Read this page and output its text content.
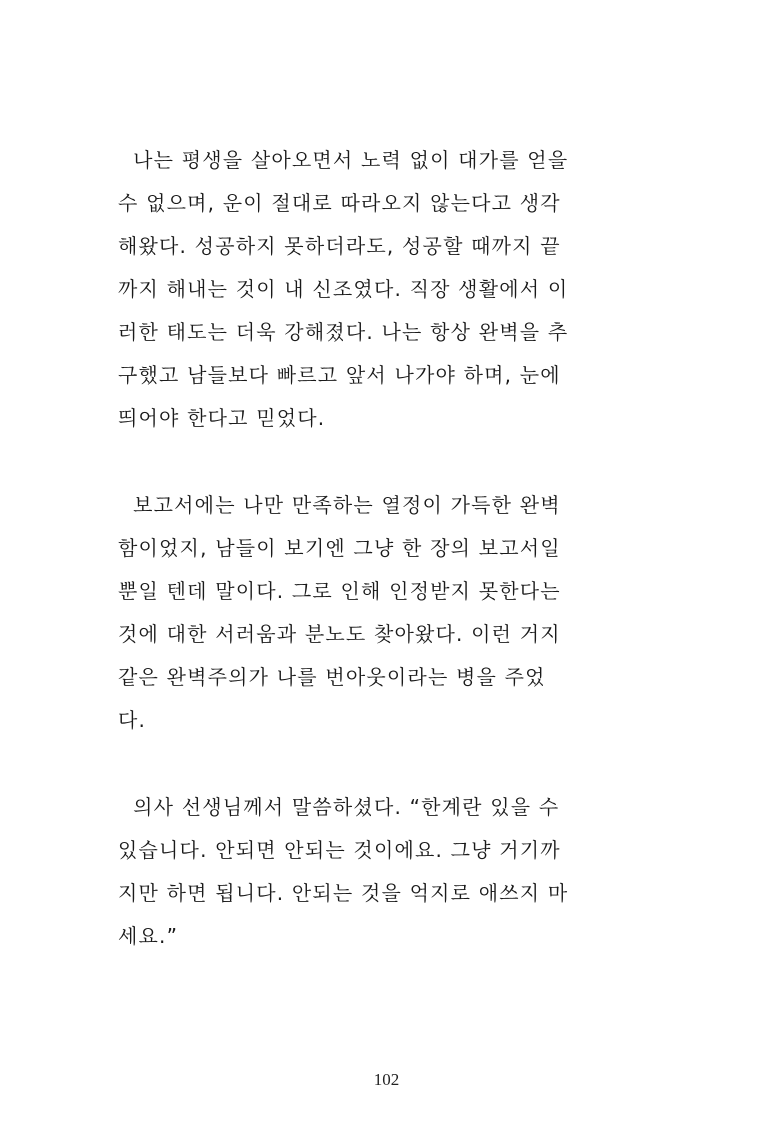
나는 평생을 살아오면서 노력 없이 대가를 얻을
수 없으며, 운이 절대로 따라오지 않는다고 생각
해왔다. 성공하지 못하더라도, 성공할 때까지 끝
까지 해내는 것이 내 신조였다. 직장 생활에서 이
러한 태도는 더욱 강해졌다. 나는 항상 완벽을 추
구했고 남들보다 빠르고 앞서 나가야 하며, 눈에
띄어야 한다고 믿었다.
보고서에는 나만 만족하는 열정이 가득한 완벽
함이었지, 남들이 보기엔 그냥 한 장의 보고서일
뿐일 텐데 말이다. 그로 인해 인정받지 못한다는
것에 대한 서러움과 분노도 찾아왔다. 이런 거지
같은 완벽주의가 나를 번아웃이라는 병을 주었
다.
의사 선생님께서 말씀하셨다. “한계란 있을 수
있습니다. 안되면 안되는 것이에요. 그냥 거기까
지만 하면 됩니다. 안되는 것을 억지로 애쓰지 마
세요.”
102
